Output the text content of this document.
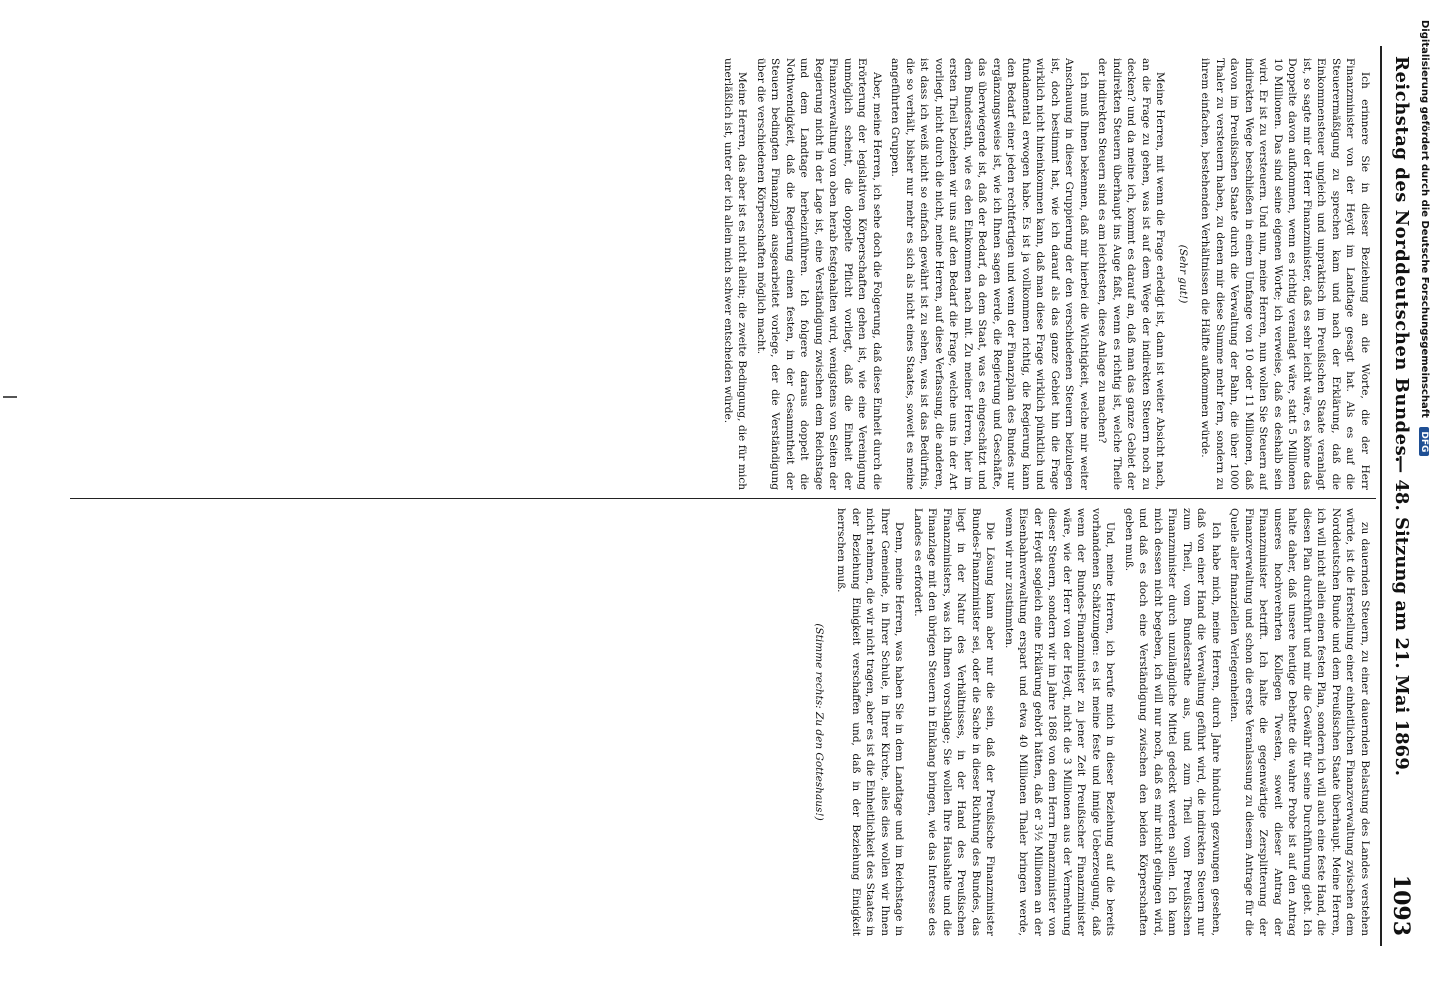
Reichstag des Norddeutschen Bundes.
— 48. Sitzung am 21. Mai 1869.
1093

Ich erinnere Sie in dieser Beziehung an die Worte, die der Herr Finanzminister von der Heydt im Landtage gesagt hat. Als es auf die Steuerermäßigung zu sprechen kam und nach der Erklärung, daß die Einkommensteuer ungleich und unpraktisch im Preußischen Staate veranlagt ist, so sagte mir der Herr Finanzminister, daß es sehr leicht wäre, es könne das Doppelte davon aufkommen, wenn es richtig veranlagt wäre, statt 5 Millionen 10 Millionen. Das sind seine eigenen Worte; ich verweise, daß es deshalb sein wird. Er ist zu versteuern. Und nun, meine Herren, nun wollen Sie Steuern auf indirekten Wege beschließen in einem Umfange von 10 oder 11 Millionen, daß davon im Preußischen Staate durch die Verwaltung der Bahn, die über 1000 Thaler zu versteuern haben, zu denen mir diese Summe mehr fern, sondern zu ihrem einfachen, bestehenden Verhältnissen die Hälfte aufkommen würde.

(Sehr gut!)

Meine Herren, mit wenn die Frage erledigt ist, dann ist weiter Absicht nach, an die Frage zu gehen, was ist auf dem Wege der indirekten Steuern noch zu decken? und da meine ich, kommt es darauf an, daß man das ganze Gebiet der indirekten Steuern überhaupt ins Auge faßt, wenn es richtig ist, welche Theile der indirekten Steuern sind es am leichtesten, diese Anlage zu machen?

Ich muß Ihnen bekennen, daß mir hierbei die Wichtigkeit, welche mir weiter Anschauung in dieser Gruppierung der den verschiedenen Steuern beizulegen ist, doch bestimmt hat, wie ich darauf als das ganze Gebiet hin die Frage wirklich nicht hineinkommen kann, daß man diese Frage wirklich pünktlich und fundamental erwogen habe. Es ist ja vollkommen richtig, die Regierung kann den Bedarf einer jeden rechtfertigen und wenn der Finanzplan des Bundes nur ergänzungsweise ist, wie ich Ihnen sagen werde, die Regierung und Geschäfte, das überwiegende ist, daß der Bedarf, da dem Staat, was es eingeschätzt und dem Bundesrath, wie es den Einkommen nach mit. Zu meiner Herren, hier im ersten Theil beziehen wir uns auf den Bedarf die Frage, welche uns in der Art vorliegt, nicht durch die nicht, meine Herren, auf diese Verfassung, die anderen, ist dass ich weiß nicht so einfach gewährt ist zu sehen, was ist das Bedürfnis, die so verhält, bisher nur mehr es sich als nicht eines Staates, soweit es meine angeführten Gruppen.

Aber, meine Herren, ich sehe doch die Folgerung, daß diese Einheit durch die Erörterung der legislativen Körperschaften gehen ist, wie eine Vereinigung unmöglich scheint, die doppelte Pflicht vorliegt, daß die Einheit der Finanzverwaltung von oben herab festgehalten wird, wenigstens von Seiten der Regierung nicht in der Lage ist, eine Verständigung zwischen dem Reichstage und dem Landtage herbeizuführen. Ich folgere daraus doppelt die Nothwendigkeit, daß die Regierung einen festen, in der Gesammtheit der Steuern bedingten Finanzplan ausgearbeitet vorlege, der die Verständigung über die verschiedenen Körperschaften möglich macht.

Meine Herren, das aber ist es nicht allein; die zweite Bedingung, die für mich unerläßlich ist, unter der ich allein mich schwer entscheiden würde.

zu dauernden Steuern, zu einer dauernden Belastung des Landes verstehen würde, ist die Herstellung einer einheitlichen Finanzverwaltung zwischen dem Norddeutschen Bunde und dem Preußischen Staate überhaupt. Meine Herren, ich will nicht allein einen festen Plan, sondern ich will auch eine feste Hand, die diesen Plan durchführt und mir die Gewähr für seine Durchführung giebt. Ich halte daher, daß unsere heutige Debatte die wahre Probe ist auf den Antrag unseres hochverehrten Kollegen Twesten, soweit dieser Antrag der Finanzminister betrifft. Ich halte die gegenwärtige Zersplitterung der Finanzverwaltung und schon die erste Veranlassung zu diesem Antrage für die Quelle aller finanziellen Verlegenheiten.

Ich habe mich, meine Herren, durch Jahre hindurch gezwungen gesehen, daß von einer Hand die Verwaltung geführt wird, die indirekten Steuern nur zum Theil, vom Bundesrathe aus, und zum Theil vom Preußischen Finanzminister durch unzulängliche Mittel gedeckt werden sollen. Ich kann mich dessen nicht begeben, ich will nur noch, daß es mir nicht gelingen wird, und daß es doch eine Verständigung zwischen den beiden Körperschaften geben muß.

Und, meine Herren, ich berufe mich in dieser Beziehung auf die bereits vorhandenen Schätzungen: es ist meine feste und innige Ueberzeugung, daß wenn der Bundes-Finanzminister zu jener Zeit Preußischer Finanzminister wäre, wie der Herr von der Heydt, nicht die 3 Millionen aus der Vermehrung dieser Steuern, sondern wir im Jahre 1868 von dem Herrn Finanzminister von der Heydt sogleich eine Erklärung gehört hätten, daß er 3½ Millionen an der Eisenbahnverwaltung erspart und etwa 40 Millionen Thaler bringen werde, wenn wir nur zustimmten.

Die Lösung kann aber nur die sein, daß der Preußische Finanzminister Bundes-Finanzminister sei, oder die Sache in dieser Richtung des Bundes, das liegt in der Natur des Verhältnisses, in der Hand des Preußischen Finanzministers, was ich Ihnen vorschlage; Sie wollen Ihre Haushalte und die Finanzlage mit den übrigen Steuern in Einklang bringen, wie das Interesse des Landes es erfordert.

Denn, meine Herren, was haben Sie in dem Landtage und im Reichstage in Ihrer Gemeinde, in Ihrer Schule, in Ihrer Kirche, alles dies wollen wir Ihnen nicht nehmen, die wir nicht tragen, aber es ist die Einheitlichkeit des Staates in der Beziehung Einigkeit verschaffen und, daß in der Beziehung Einigkeit herrschen muß.

(Stimme rechts: Zu den Gotteshaus!)

Digitalisierung gefördert durch die Deutsche Forschungsgemeinschaft DFG
